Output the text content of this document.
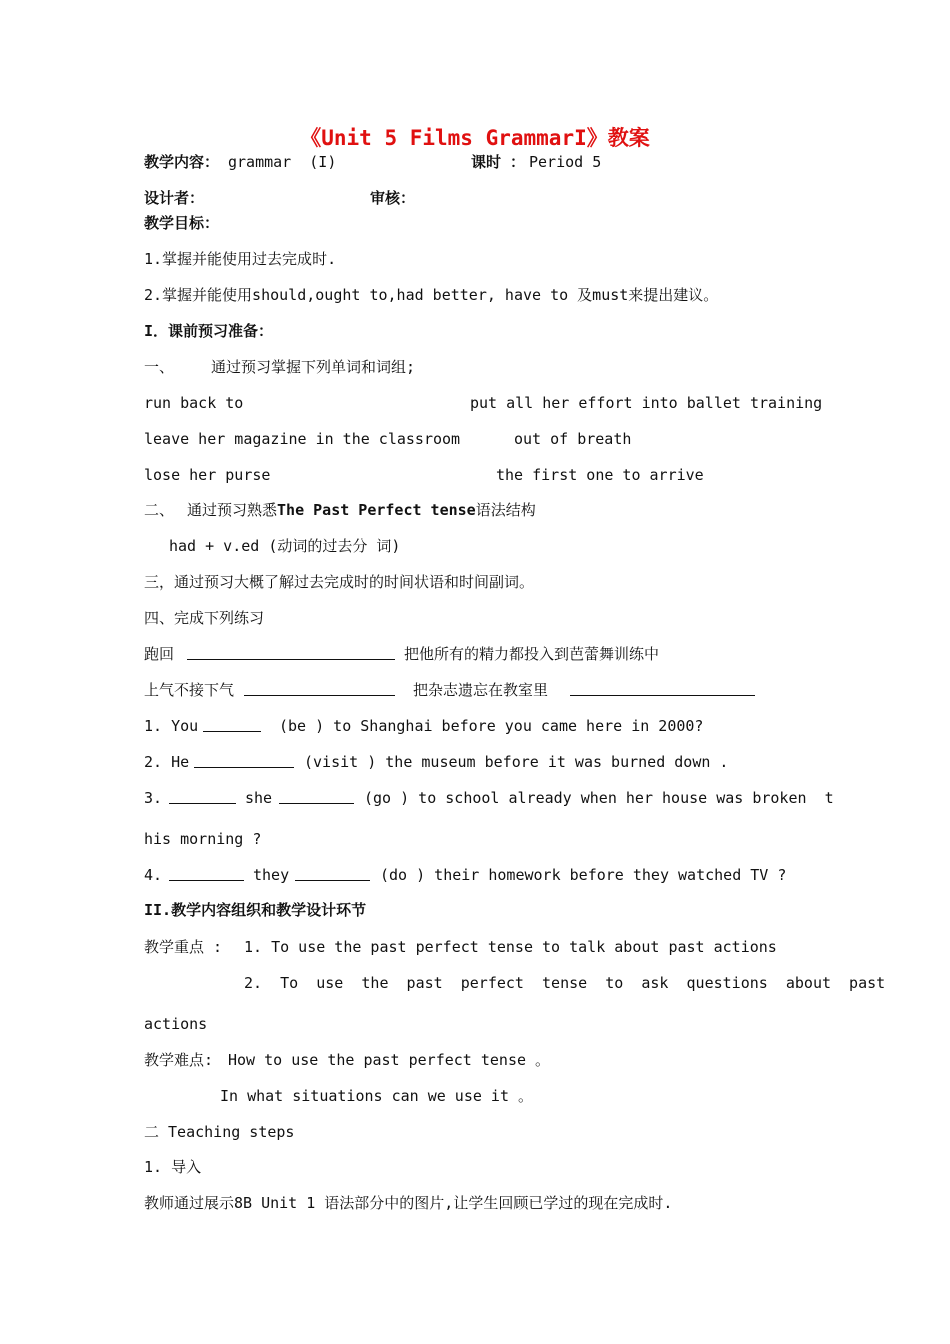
《Unit 5 Films GrammarI》教案
教学内容： grammar  (I)	课时 ： Period 5
设计者：	审核：
教学目标：
1.掌握并能使用过去完成时.
2.掌握并能使用should,ought to,had better, have to 及must来提出建议。
I．课前预习准备：
一、 通过预习掌握下列单词和词组;
run back to	put all her effort into ballet training
leave her magazine in the classroom	out of breath
lose her purse	the first one to arrive
二、 通过预习熟悉The Past Perfect tense语法结构
had + v.ed (动词的过去分 词)
三，通过预习大概了解过去完成时的时间状语和时间副词。
四、完成下列练习
跑回	把他所有的精力都投入到芭蕾舞训练中
上气不接下气	把杂志遗忘在教室里
1. You	(be ) to Shanghai before you came here in 2000?
2. He	(visit ) the museum before it was burned down .
3.	she	(go ) to school already when her house was broken  t
his morning ?
4.	they	(do ) their homework before they watched TV ?
II.教学内容组织和教学设计环节
教学重点 : 1. To use the past perfect tense to talk about past actions
2.  To  use  the  past  perfect  tense  to  ask  questions  about  past
actions
教学难点: How to use the past perfect tense 。
In what situations can we use it 。
二 Teaching steps
1. 导入
教师通过展示8B Unit 1 语法部分中的图片,让学生回顾已学过的现在完成时.
